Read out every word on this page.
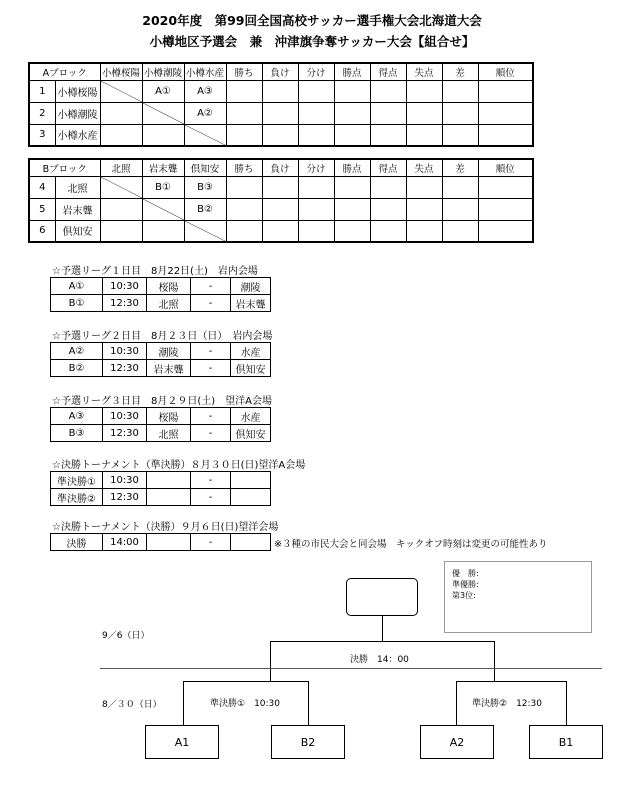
2020年度　第99回全国高校サッカー選手権大会北海道大会
小樽地区予選会　兼　沖津旗争奪サッカー大会【組合せ】
Aブロック		小樽桜陽	小樽潮陵	小樽水産	勝ち	負け	分け	勝点	得点	失点	差	順位
1	小樽桜陽		A①	A③								
2	小樽潮陵			A②								
3	小樽水産			

Bブロック		北照	岩末聾	倶知安	勝ち	負け	分け	勝点	得点	失点	差	順位
4	北照		B①	B③								
5	岩末聾			B②								
6	倶知安			

☆予選リーグ１日目　8月22日(土)　岩内会場
A①	10:30	桜陽	-	潮陵
B①	12:30	北照	-	岩末聾
☆予選リーグ２日目　8月２３日（日）　岩内会場
A②	10:30	潮陵	-	水産
B②	12:30	岩末聾	-	倶知安
☆予選リーグ３日目　8月２９日(土)　望洋A会場
A③	10:30	桜陽	-	水産
B③	12:30	北照	-	倶知安
☆決勝トーナメント（準決勝）８月３０日(日)望洋A会場
準決勝①	10:30		-	
準決勝②	12:30		-	
☆決勝トーナメント（決勝）９月６日(日)望洋会場
決勝	14:00		-		※３種の市民大会と同会場　キックオフ時刻は変更の可能性あり
優　勝:
準優勝:
第3位:
9／6（日）
決勝　14：00
8／３０（日）	準決勝①　10:30	準決勝②　12:30
A1	B2	A2	B1
